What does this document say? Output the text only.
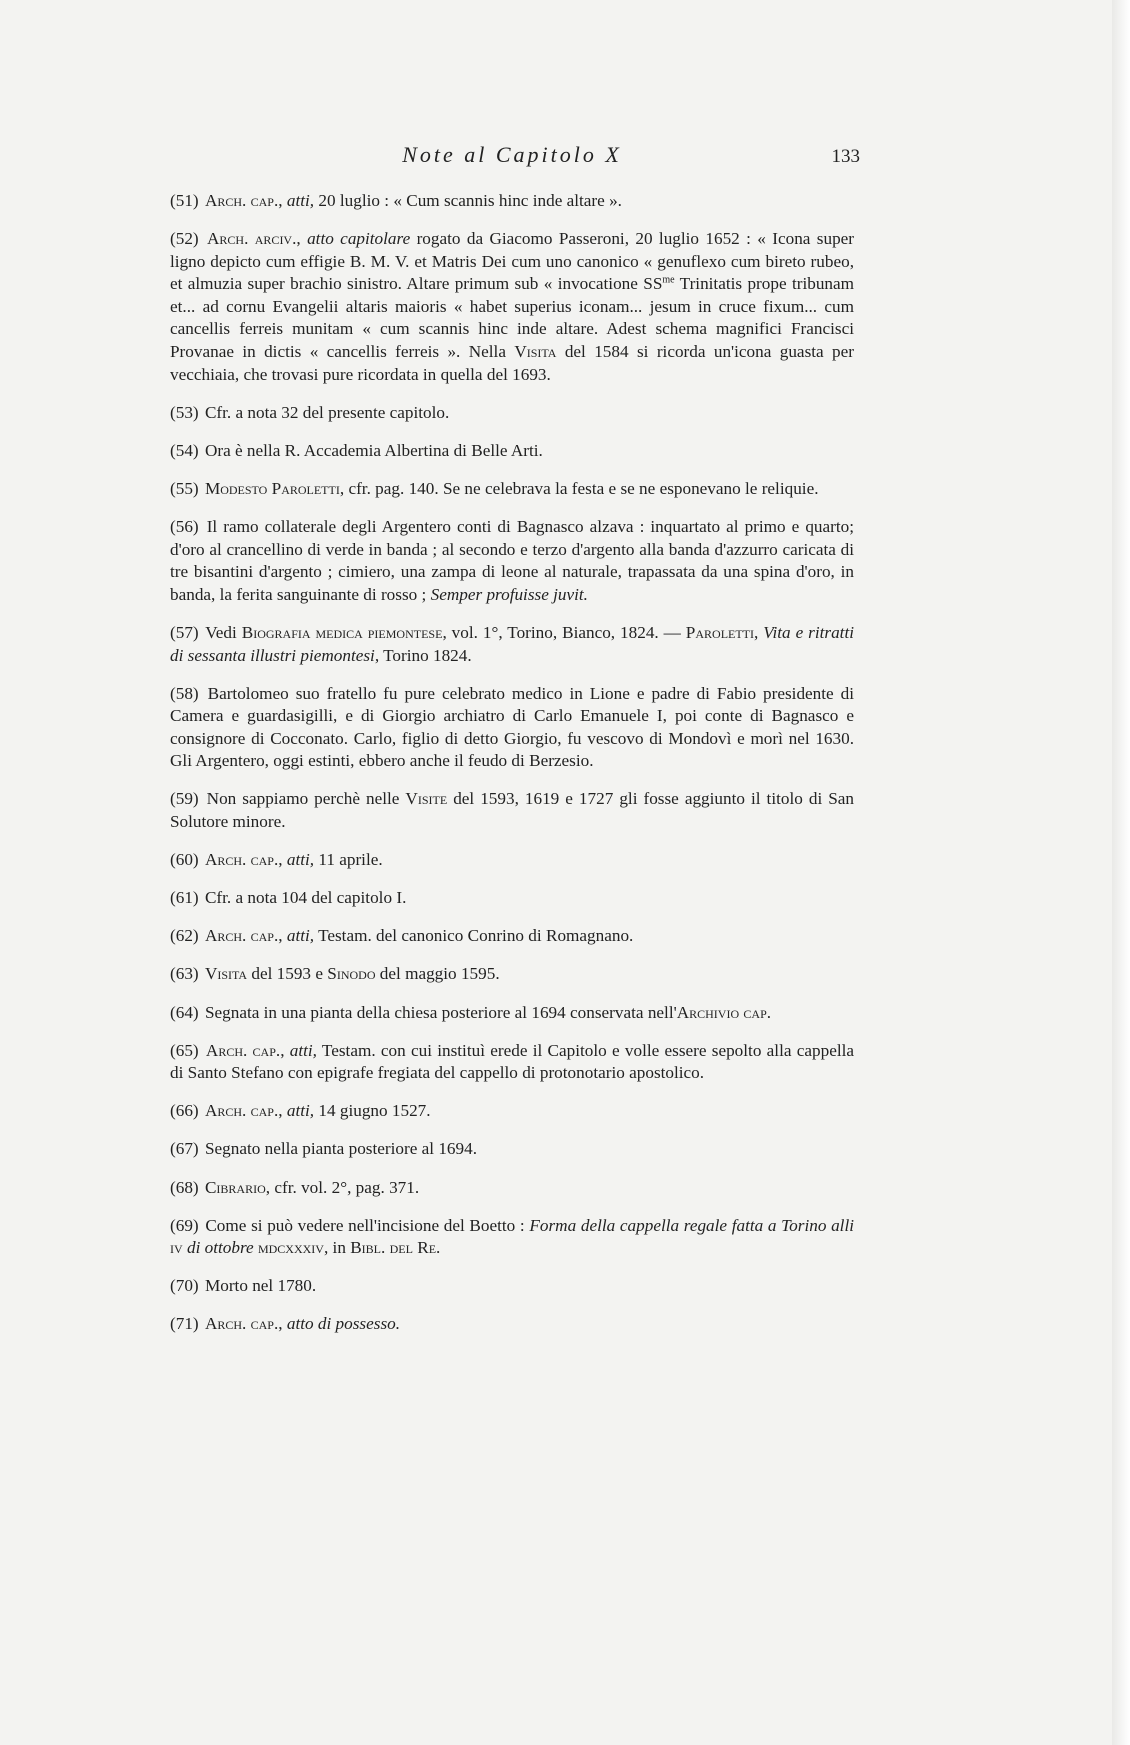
Note al Capitolo X	133

(51) Arch. cap., atti, 20 luglio : « Cum scannis hinc inde altare ».

(52) Arch. arciv., atto capitolare rogato da Giacomo Passeroni, 20 luglio 1652 : « Icona super ligno depicto cum effigie B. M. V. et Matris Dei cum uno canonico « genuflexo cum bireto rubeo, et almuzia super brachio sinistro. Altare primum sub « invocatione $SS^{me}$ Trinitatis prope tribunam et... ad cornu Evangelii altaris maioris « habet superius iconam... jesum in cruce fixum... cum cancellis ferreis munitam « cum scannis hinc inde altare. Adest schema magnifici Francisci Provanae in dictis « cancellis ferreis ». Nella Visita del 1584 si ricorda un'icona guasta per vecchiaia, che trovasi pure ricordata in quella del 1693.

(53) Cfr. a nota 32 del presente capitolo.

(54) Ora è nella R. Accademia Albertina di Belle Arti.

(55) Modesto Paroletti, cfr. pag. 140. Se ne celebrava la festa e se ne esponevano le reliquie.

(56) Il ramo collaterale degli Argentero conti di Bagnasco alzava : inquartato al primo e quarto; d'oro al crancellino di verde in banda ; al secondo e terzo d'argento alla banda d'azzurro caricata di tre bisantini d'argento ; cimiero, una zampa di leone al naturale, trapassata da una spina d'oro, in banda, la ferita sanguinante di rosso ; Semper profuisse juvit.

(57) Vedi Biografia medica piemontese, vol. 1°, Torino, Bianco, 1824. — Paroletti, Vita e ritratti di sessanta illustri piemontesi, Torino 1824.

(58) Bartolomeo suo fratello fu pure celebrato medico in Lione e padre di Fabio presidente di Camera e guardasigilli, e di Giorgio archiatro di Carlo Emanuele I, poi conte di Bagnasco e consignore di Cocconato. Carlo, figlio di detto Giorgio, fu vescovo di Mondovì e morì nel 1630. Gli Argentero, oggi estinti, ebbero anche il feudo di Berzesio.

(59) Non sappiamo perchè nelle Visite del 1593, 1619 e 1727 gli fosse aggiunto il titolo di San Solutore minore.

(60) Arch. cap., atti, 11 aprile.

(61) Cfr. a nota 104 del capitolo I.

(62) Arch. cap., atti, Testam. del canonico Conrino di Romagnano.

(63) Visita del 1593 e Sinodo del maggio 1595.

(64) Segnata in una pianta della chiesa posteriore al 1694 conservata nell'Archivio cap.

(65) Arch. cap., atti, Testam. con cui instituì erede il Capitolo e volle essere sepolto alla cappella di Santo Stefano con epigrafe fregiata del cappello di protonotario apostolico.

(66) Arch. cap., atti, 14 giugno 1527.

(67) Segnato nella pianta posteriore al 1694.

(68) Cibrario, cfr. vol. 2°, pag. 371.

(69) Come si può vedere nell'incisione del Boetto : Forma della cappella regale fatta a Torino alli iv di ottobre mdcxxxiv, in Bibl. del Re.

(70) Morto nel 1780.

(71) Arch. cap., atto di possesso.
